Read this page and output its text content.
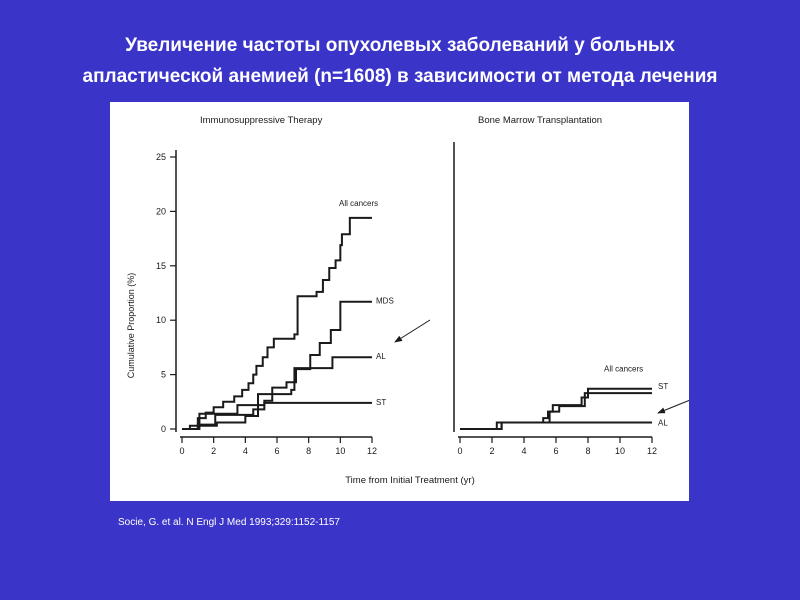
Увеличение частоты опухолевых заболеваний у больных
апластической анемией (n=1608) в зависимости от метода лечения
Immunosuppressive Therapy
0
5
10
15
20
25
Cumulative Proportion (%)
0	2	4	6	8	10 12
Time from Initial Treatment (yr)
All cancers
MDS
AL
ST
Bone Marrow Transplantation
0	2	4	6	8	10 12
All cancers
ST
AL
Socie, G. et al. N Engl J Med 1993;329:1152-1157
